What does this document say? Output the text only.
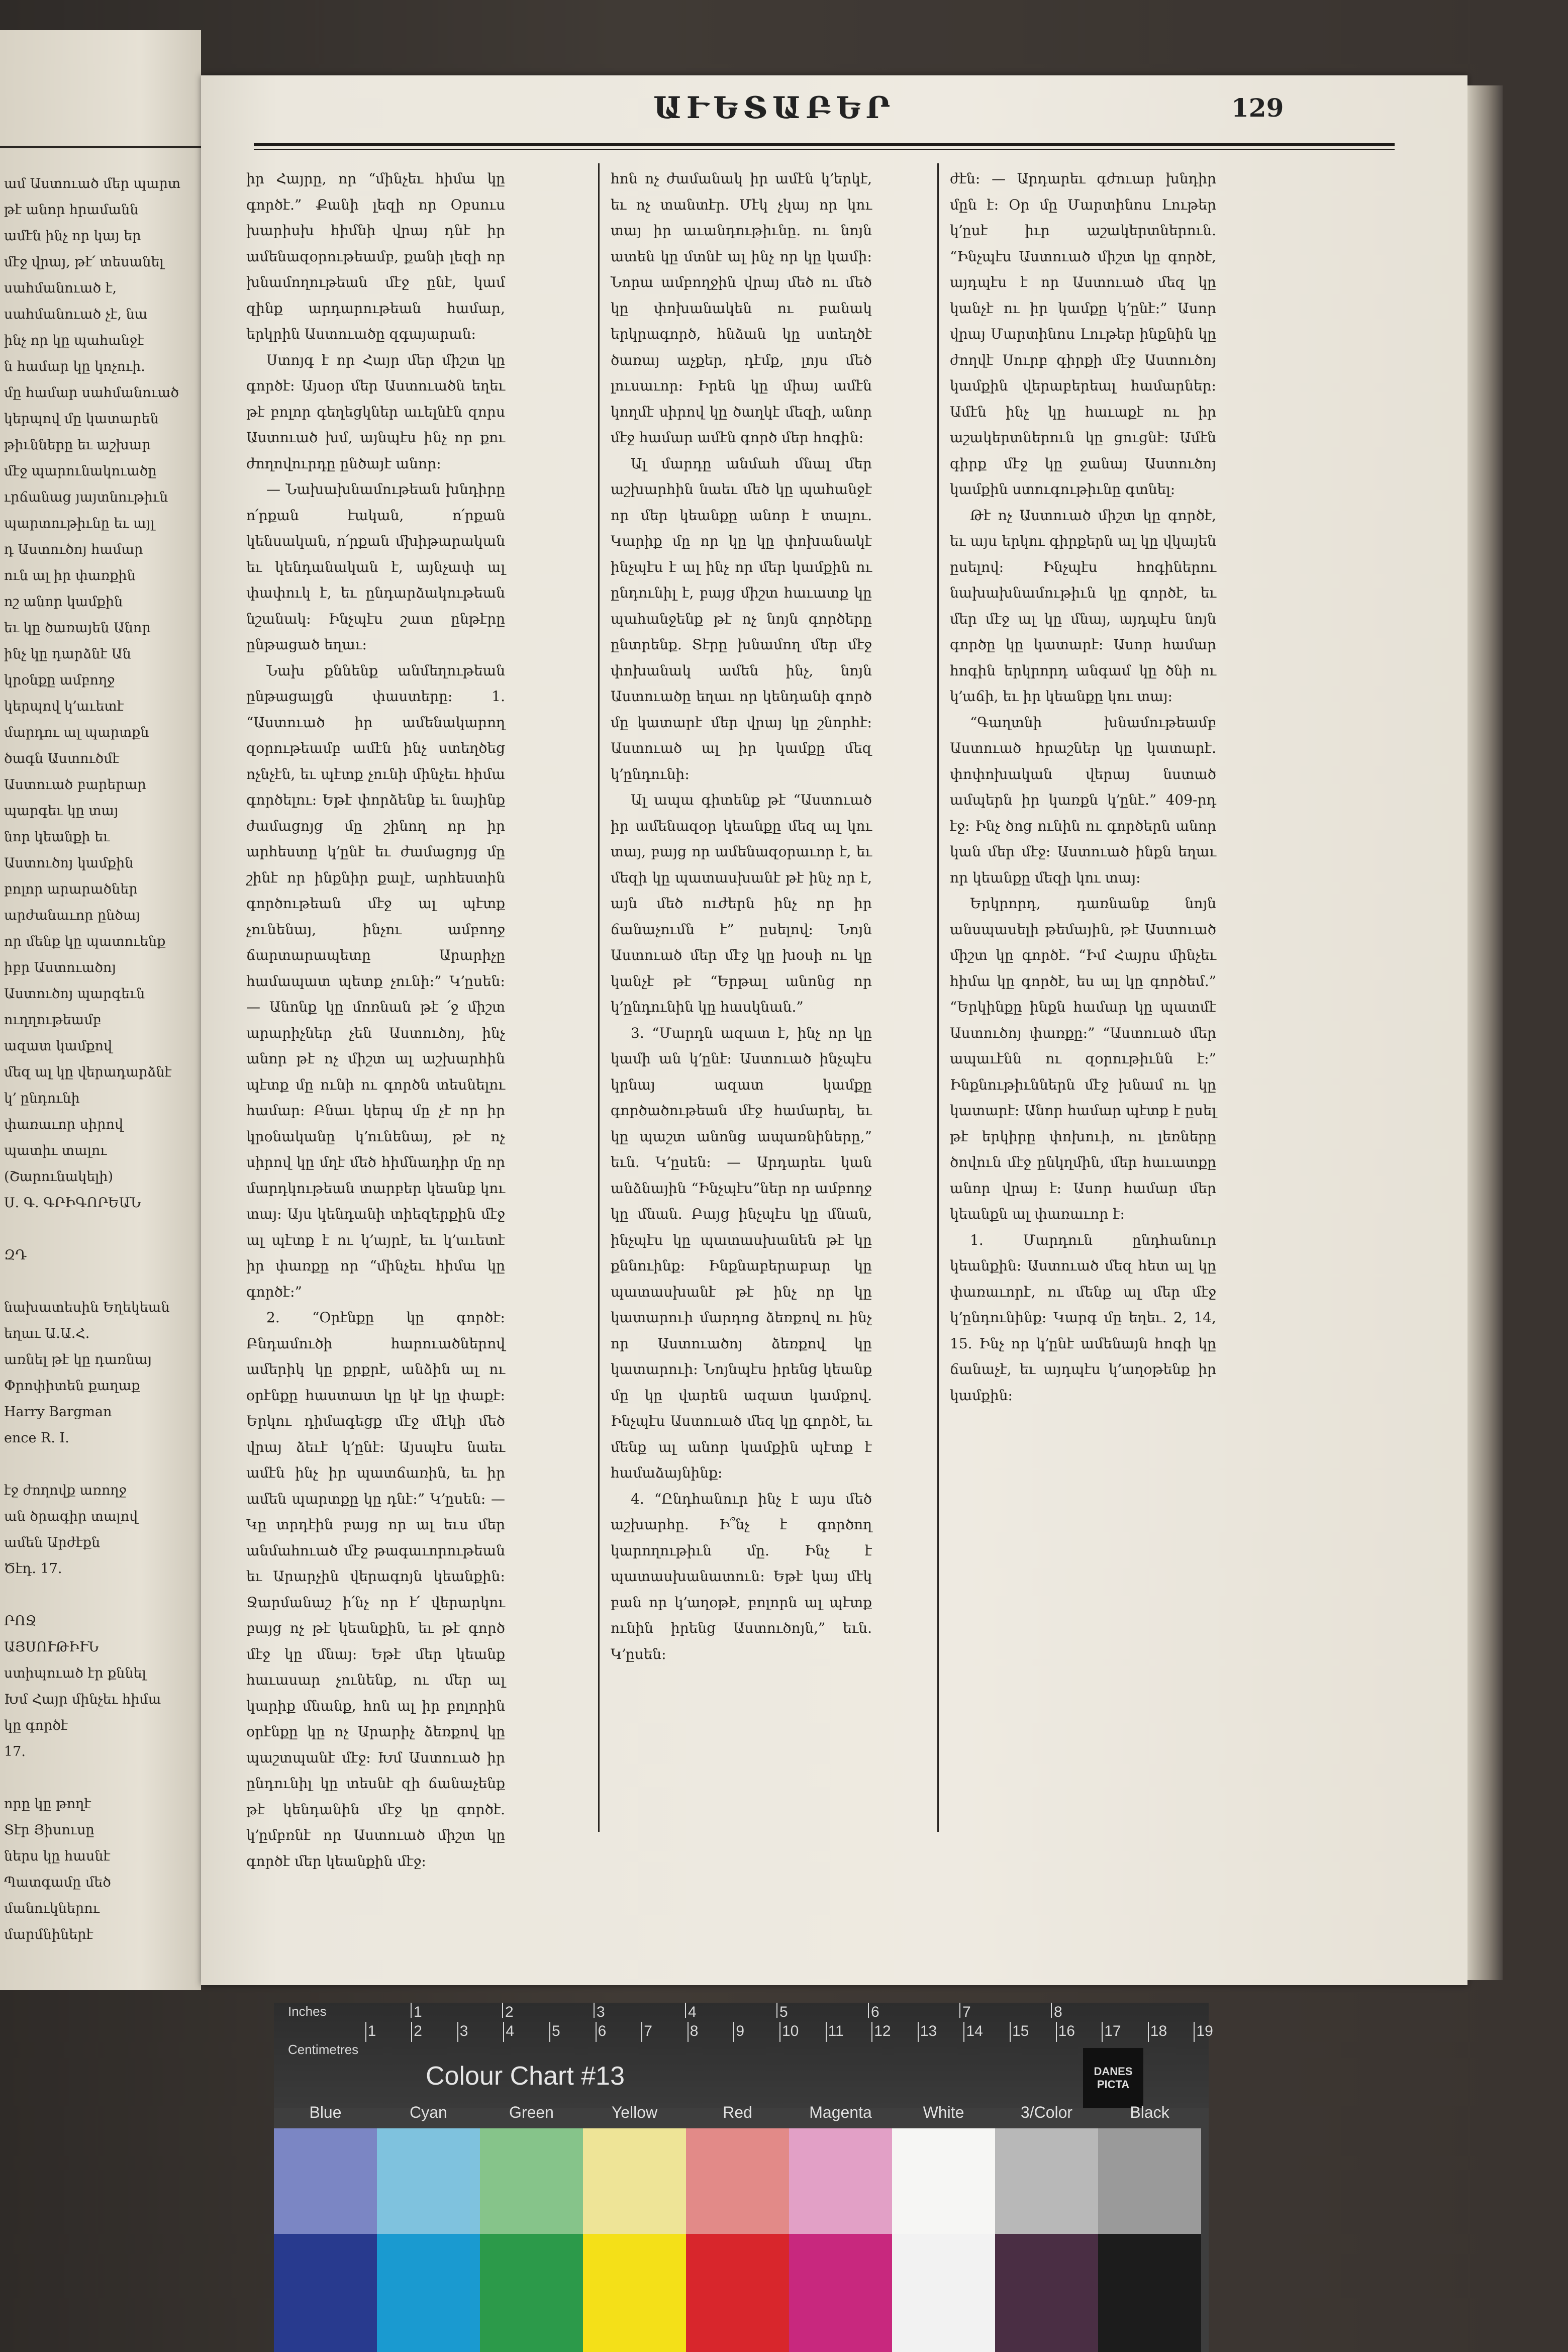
ամ Աստուած մեր պարտ
թէ անոր հրամանն
ամէն ինչ որ կայ եր
մէջ վրայ, թէ՛ տեսանել
սահմանուած է,
սահմանուած չէ, նա
ինչ որ կը պահանջէ
ն համար կը կոչուի.
մը համար սահմանուած
կերպով մը կատարեն
թիւնները եւ աշխար
մէջ պարունակուածը
ւրճանաց յայտնութիւն
պարտութիւնը եւ այլ
դ Աստուծոյ համար
ուն ալ իր փառքին
ոշ անոր կամքին
եւ կը ծառայեն Անոր
ինչ կը դարձնէ Ան
կրօնքը ամբողջ
կերպով կ՚աւետէ
մարդու ալ պարտքն
ծագն Աստուծմէ
Աստուած բարերար
պարգեւ կը տայ
նոր կեանքի եւ
Աստուծոյ կամքին
բոլոր արարածներ
արժանաւոր ընծայ
որ մենք կը պատուենք
իբր Աստուածոյ
Աստուծոյ պարգեւն
ուղղութեամբ
ազատ կամքով
մեզ ալ կը վերադարձնէ
կ՚ ընդունի
փառաւոր սիրով
պատիւ տալու
(Շարունակելի)
Ս. Գ. ԳՐԻԳՈՐԵԱՆ
ԶԴ
նախատեսին Եղեկեան
եղաւ Ա.Ա.Հ.
առնել թէ կը դառնայ
Փրոփիտեն քաղաք
Harry Bargman
ence R. I.
էջ ժողովք առողջ
ան ծրագիր տալով
ամեն Արժէքն
Ծէդ. 17.
ՐՈՋ
ԱՅՍՈՒԹԻՒՆ
ստիպուած էր քննել
Խմ Հայր մինչեւ հիմա
կը գործէ
17.
որը կը թողէ
Տէր Յիսուսը
ներս կը հասնէ
Պատգամը մեծ
մանուկներու
մարմնիներէ
ԱՒԵՏԱԲԵՐ	129

իր Հայրը, որ “մինչեւ հիմա կը գործէ.” Քանի լեզի որ Օբսուս խարիսխ հիմնի վրայ դնէ իր ամենազօրութեամբ, քանի լեզի որ խնամողութեան մէջ ընէ, կամ զինք արդարութեան համար, երկրին Աստուածը զգայարան։

Ստոյգ է որ Հայր մեր միշտ կը գործէ։ Այսօր մեր Աստուածն եղեւ թէ բոլոր գեղեցկներ աւելնէն զորս Աստուած խմ, այնպէս ինչ որ քու ժողովուրդը ընծայէ անոր։

— Նախախնամութեան խնդիրը ո՛րքան էական, ո՛րքան կենսական, ո՛րքան մխիթարական եւ կենդանական է, այնչափ ալ փափուկ է, եւ ընդարձակութեան նշանակ։ Ինչպէս շատ ընթէրը ընթացած եղաւ։

Նախ քննենք անմեղութեան ընթացալցն փաստերը։ 1. “Աստուած իր ամենակարող զօրութեամբ ամէն ինչ ստեղծեց ոչնչէն, եւ պէտք չունի մինչեւ հիմա գործելու։ Եթէ փորձենք եւ նայինք ժամացոյց մը շինող որ իր արհեստը կ՚ընէ եւ ժամացոյց մը շինէ որ ինքնիր քալէ, արհեստին գործութեան մէջ ալ պէտք չունենայ, ինչու ամբողջ ճարտարապետը Արարիչը համապատ պետք չունի։” Կ՚ըսեն։ — Անոնք կը մոռնան թէ ՛ջ միշտ արարիչներ չեն Աստուծոյ, ինչ անոր թէ ոչ միշտ ալ աշխարհին պէտք մը ունի ու գործն տեսնելու համար։ Բնաւ կերպ մը չէ որ իր կրօնականը կ՚ունենայ, թէ ոչ սիրով կը մղէ մեծ հիմնադիր մը որ մարդկութեան տարբեր կեանք կու տայ։ Այս կենդանի տիեզերքին մէջ ալ պէտք է ու կ՚այրէ, եւ կ՚աւետէ իր փառքը որ “մինչեւ հիմա կը գործէ։”

2. “Օրէնքը կը գործէ։ Բնդամուծի հարուածներով ամերիկ կը քրքրէ, անձին ալ ու օրէնքը հաստատ կը կէ կը փաքէ։ Երկու դիմագեցք մէջ մէկի մեծ վրայ ձեւէ կ՚ընէ։ Այսպէս նաեւ ամէն ինչ իր պատճառին, եւ իր ամեն պարտքը կը դնէ։” Կ՚ըսեն։ — Կը տրդէին բայց որ ալ եւս մեր անմահուած մէջ թագաւորութեան եւ Արարչին վերագոյն կեանքին։ Ջարմանաշ ի՛նչ որ է՛ վերարկու բայց ոչ թէ կեանքին, եւ թէ գործ մէջ կը մնայ։ Եթէ մեր կեանք հաւասար չունենք, ու մեր ալ կարիք մնանք, հոն ալ իր բոլորին օրէնքը կը ոչ Արարիչ ձեռքով կը պաշտպանէ մէջ։ Խմ Աստուած իր ընդունիլ կը տեսնէ զի ճանաչենք թէ կենդանին մէջ կը գործէ. կ՚ըմբռնէ որ Աստուած միշտ կը գործէ մեր կեանքին մէջ։

հոն ոչ ժամանակ իր ամէն կ՚երկէ, եւ ոչ տանտէր. Մէկ չկայ որ կու տայ իր աւանդութիւնը. ու նոյն ատեն կը մտնէ ալ ինչ որ կը կամի։ Նորա ամբողջին վրայ մեծ ու մեծ կը փոխանակեն ու բանակ երկրագործ, հնձան կը ստեղծէ ծառայ աչքեր, դէմք, լոյս մեծ լուսաւոր։ Իրեն կը միայ ամէն կողմէ սիրով կը ծաղկէ մեզի, անոր մէջ համար ամէն գործ մեր հոգին։

Ալ մարդը անմահ մնալ մեր աշխարհին նաեւ մեծ կը պահանջէ որ մեր կեանքը անոր է տալու. Կարիք մը որ կը կը փոխանակէ ինչպէս է ալ ինչ որ մեր կամքին ու ընդունիլ է, բայց միշտ հաւատք կը պահանջենք թէ ոչ նոյն գործերը ընտրենք. Տէրը խնամող մեր մէջ փոխանակ ամեն ինչ, նոյն Աստուածը եղաւ որ կենդանի գործ մը կատարէ մեր վրայ կը շնորհէ։ Աստուած ալ իր կամքը մեզ կ՚ընդունի։

Ալ ապա գիտենք թէ “Աստուած իր ամենազօր կեանքը մեզ ալ կու տայ, բայց որ ամենազօրաւոր է, եւ մեզի կը պատասխանէ թէ ինչ որ է, այն մեծ ուժերն ինչ որ իր ճանաչումն է” ըսելով։ Նոյն Աստուած մեր մէջ կը խօսի ու կը կանչէ թէ “Երթալ անոնց որ կ՚ընդունին կը հասկնան.”

3. “Մարդն ազատ է, ինչ որ կը կամի ան կ՚ընէ։ Աստուած ինչպէս կրնայ ազատ կամքը գործածութեան մէջ համարել, եւ կը պաշտ անոնց ապառնիները,” եւն. Կ՚ըսեն։ — Արդարեւ կան անձնային “Ինչպէս”ներ որ ամբողջ կը մնան. Բայց ինչպէս կը մնան, ինչպէս կը պատասխանեն թէ կը քննուինք։ Ինքնաբերաբար կը պատասխանէ թէ ինչ որ կը կատարուի մարդոց ձեռքով ու ինչ որ Աստուածոյ ձեռքով կը կատարուի։ Նոյնպէս իրենց կեանք մը կը վարեն ազատ կամքով. Ինչպէս Աստուած մեզ կը գործէ, եւ մենք ալ անոր կամքին պէտք է համաձայնինք։

4. “Ընդհանուր ինչ է այս մեծ աշխարհը. Ի՞նչ է գործող կարողութիւն մը. Ինչ է պատասխանատուն։ Եթէ կայ մէկ բան որ կ՚աղօթէ, բոլորն ալ պէտք ունին իրենց Աստուծոյն,” եւն. Կ՚ըսեն։

ժէն։ — Արդարեւ գժուար խնդիր մըն է։ Օր մը Մարտինոս Լութեր կ՚ըսէ իւր աշակերտներուն. “Ինչպէս Աստուած միշտ կը գործէ, այդպէս է որ Աստուած մեզ կը կանչէ ու իր կամքը կ՚ընէ։” Ասոր վրայ Մարտինոս Լութեր ինքնին կը ժողվէ Սուրբ գիրքի մէջ Աստուծոյ կամքին վերաբերեալ համարներ։ Ամէն ինչ կը հաւաքէ ու իր աշակերտներուն կը ցուցնէ։ Ամէն գիրք մէջ կը ջանայ Աստուծոյ կամքին ստուգութիւնը գտնել։

Թէ ոչ Աստուած միշտ կը գործէ, եւ այս երկու գիրքերն ալ կը վկայեն ըսելով։ Ինչպէս հոգիներու նախախնամութիւն կը գործէ, եւ մեր մէջ ալ կը մնայ, այդպէս նոյն գործը կը կատարէ։ Ասոր համար հոգին երկրորդ անգամ կը ծնի ու կ՚աճի, եւ իր կեանքը կու տայ։

“Գաղտնի խնամութեամբ Աստուած հրաշներ կը կատարէ. փոփոխական վերայ նստած ամպերն իր կառքն կ՚ընէ.” 409-րդ էջ։ Ինչ ծոց ունին ու գործերն անոր կան մեր մէջ։ Աստուած ինքն եղաւ որ կեանքը մեզի կու տայ։

Երկրորդ, դառնանք նոյն անսպասելի թեմային, թէ Աստուած միշտ կը գործէ. “Իմ Հայրս մինչեւ հիմա կը գործէ, ես ալ կը գործեմ.” “Երկինքը ինքն համար կը պատմէ Աստուծոյ փառքը։” “Աստուած մեր ապաւէնն ու զօրութիւնն է։” Ինքնութիւններն մէջ խնամ ու կը կատարէ։ Անոր համար պէտք է ըսել թէ երկիրը փոխուի, ու լեռները ծովուն մէջ ընկղմին, մեր հաւատքը անոր վրայ է։ Ասոր համար մեր կեանքն ալ փառաւոր է։

1. Մարդուն ընդհանուր կեանքին։ Աստուած մեզ հետ ալ կը փառաւորէ, ու մենք ալ մեր մէջ կ՚ընդունինք։ Կարգ մը եղեւ. 2, 14, 15. Ինչ որ կ՚ընէ ամենայն հոգի կը ճանաչէ, եւ այդպէս կ՚աղօթենք իր կամքին։

Inches
Centimetres
1	2	3	4	5	6	7	8
1 2 3 4 5 6 7 8 9 10 11 12 13 14 15 16 17 18 19
Colour Chart #13	DANES PICTA
Blue	Cyan	Green	Yellow	Red	Magenta	White	3/Color	Black
